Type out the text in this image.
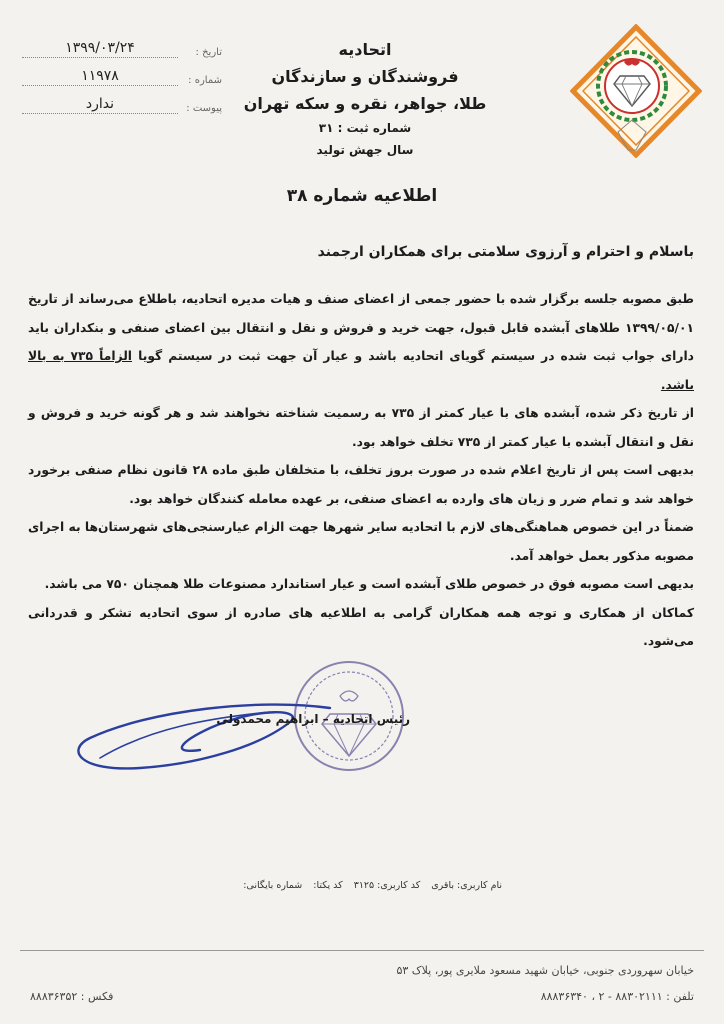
تاریخ :
۱۳۹۹/۰۳/۲۴
شماره :
۱۱۹۷۸
پیوست :
ندارد
اتحادیه
فروشندگان و سازندگان
طلا، جواهر، نقره و سکه تهران
شماره ثبت : ۳۱
سال جهش تولید
اطلاعیه شماره ۳۸
باسلام و احترام و آرزوی سلامتی برای همکاران ارجمند

طبق مصوبه جلسه برگزار شده با حضور جمعی از اعضای صنف و هیات مدیره اتحادیه، باطلاع می‌رساند از تاریخ ۱۳۹۹/۰۵/۰۱ طلاهای آبشده قابل قبول، جهت خرید و فروش و نقل و انتقال بین اعضای صنفی و بنکداران باید دارای جواب ثبت شده در سیستم گویای اتحادیه باشد و عیار آن جهت ثبت در سیستم گویا الزاماً ۷۳۵ به بالا باشد.

از تاریخ ذکر شده، آبشده های با عیار کمتر از ۷۳۵ به رسمیت شناخته نخواهند شد و هر گونه خرید و فروش و نقل و انتقال آبشده با عیار کمتر از ۷۳۵ تخلف خواهد بود.

بدیهی است پس از تاریخ اعلام شده در صورت بروز تخلف، با متخلفان طبق ماده ۲۸ قانون نظام صنفی برخورد خواهد شد و تمام ضرر و زیان های وارده به اعضای صنفی، بر عهده معامله کنندگان خواهد بود.

ضمناً در این خصوص هماهنگی‌های لازم با اتحادیه سایر شهرها جهت الزام عیارسنجی‌های شهرستان‌ها به اجرای مصوبه مذکور بعمل خواهد آمد.

بدیهی است مصوبه فوق در خصوص طلای آبشده است و عیار استاندارد مصنوعات طلا همچنان ۷۵۰ می باشد.

کماکان از همکاری و توجه همه همکاران گرامی به اطلاعیه های صادره از سوی اتحادیه تشکر و قدردانی می‌شود.

رئیس اتحادیه – ابراهیم محمدولی
نام کاربری: باقری کد کاربری: ۳۱۲۵ کد یکتا: شماره بایگانی:
خیابان سهروردی جنوبی، خیابان شهید مسعود ملایری پور، پلاک ۵۳
تلفن : ۸۸۳۰۲۱۱۱ - ۲ ، ۸۸۸۳۶۳۴۰
فکس : ۸۸۸۳۶۳۵۲
